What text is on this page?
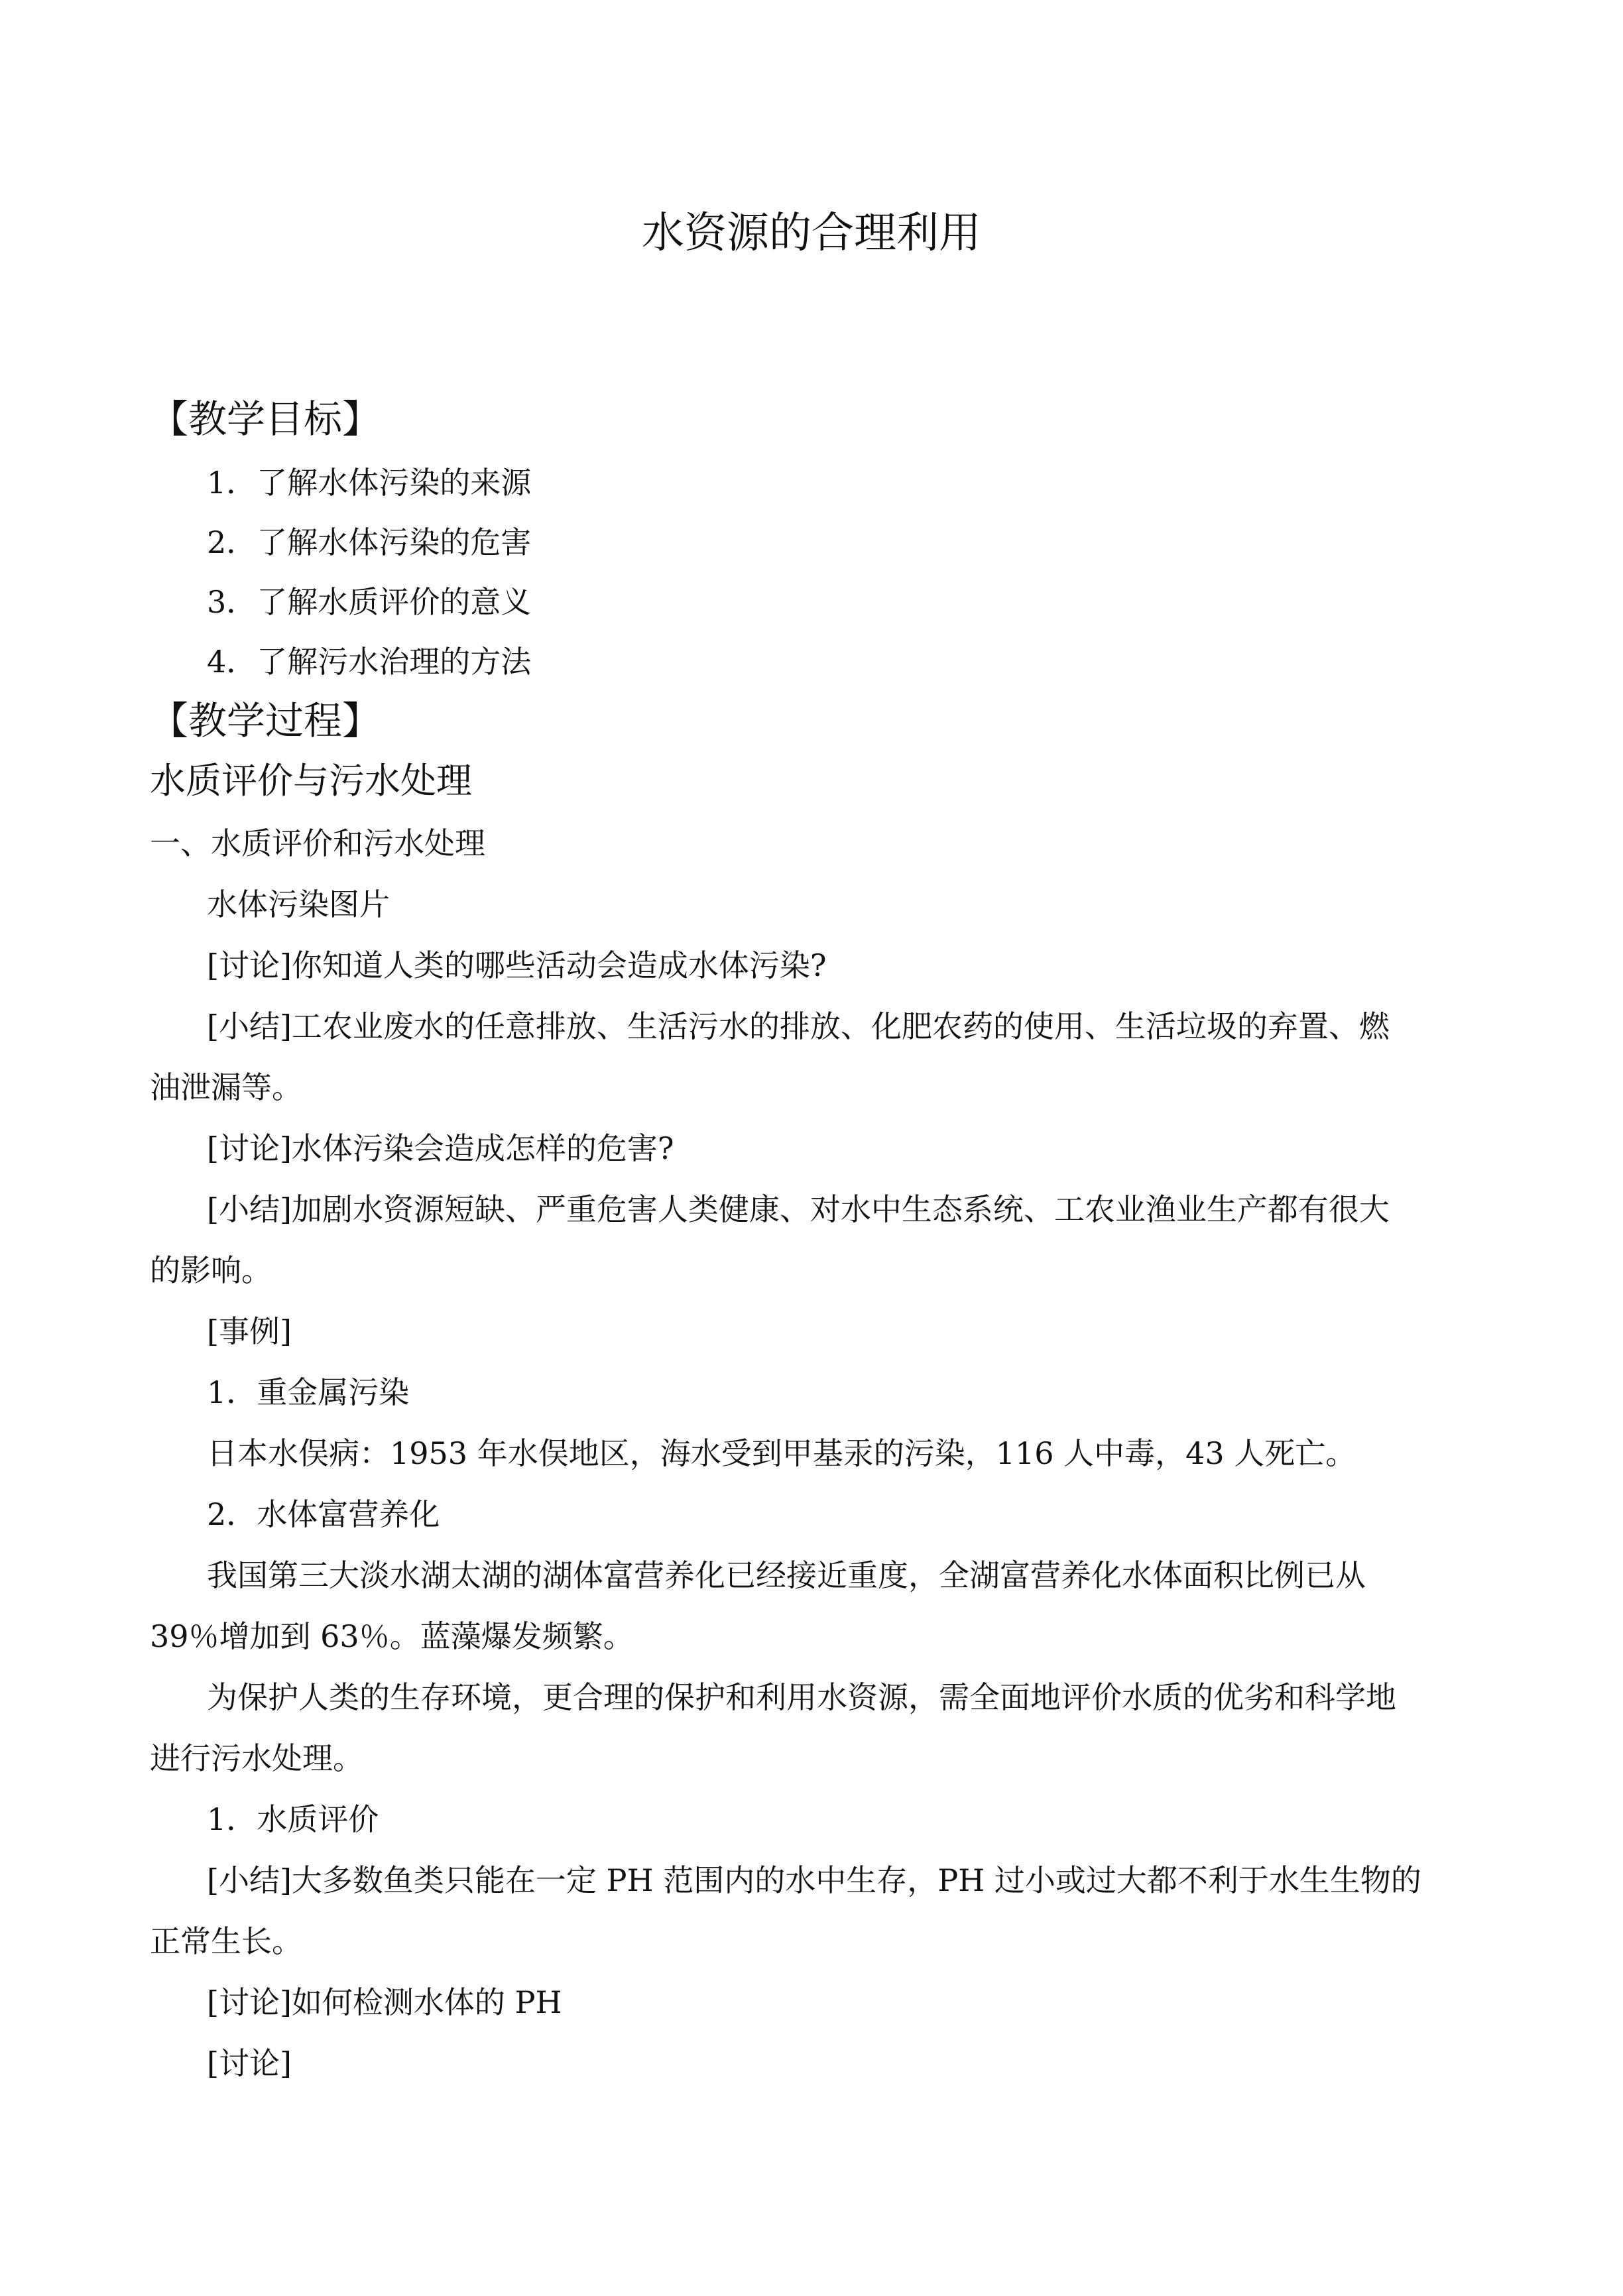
水资源的合理利用
【教学目标】
1．了解水体污染的来源
2．了解水体污染的危害
3．了解水质评价的意义
4．了解污水治理的方法
【教学过程】
水质评价与污水处理
一、水质评价和污水处理
水体污染图片
[讨论]你知道人类的哪些活动会造成水体污染?
[小结]工农业废水的任意排放、生活污水的排放、化肥农药的使用、生活垃圾的弃置、燃
油泄漏等。
[讨论]水体污染会造成怎样的危害?
[小结]加剧水资源短缺、严重危害人类健康、对水中生态系统、工农业渔业生产都有很大
的影响。
[事例]
1．重金属污染
日本水俣病：1953 年水俣地区，海水受到甲基汞的污染，116 人中毒，43 人死亡。
2．水体富营养化
我国第三大淡水湖太湖的湖体富营养化已经接近重度，全湖富营养化水体面积比例已从
39％增加到 63％。蓝藻爆发频繁。
为保护人类的生存环境，更合理的保护和利用水资源，需全面地评价水质的优劣和科学地
进行污水处理。
1．水质评价
[小结]大多数鱼类只能在一定 PH 范围内的水中生存，PH 过小或过大都不利于水生生物的
正常生长。
[讨论]如何检测水体的 PH
[讨论]
